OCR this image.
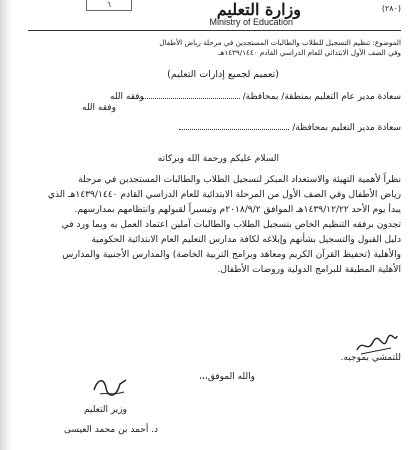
وزارة التعليم
Ministry of Education
٦	(٢٨٠)
الموضوع: تنظيم التسجيل للطلاب والطالبات المستجدين في مرحلة رياض الأطفال
وفي الصف الأول الابتدائي للعام الدراسي القادم ١٤٣٩/١٤٤٠هـ
(تعميم لجميع إدارات التعليم)
سعادة مدير عام التعليم بمنطقة/ بمحافظة/
وفقه الله
سعادة مدير التعليم بمحافظة/
وفقه الله
السلام عليكم ورحمة الله وبركاته
نظراً لأهمية التهيئة والاستعداد المبكر لتسجيل الطلاب والطالبات المستجدين في مرحلة
رياض الأطفال وفي الصف الأول من المرحلة الابتدائية للعام الدراسي القادم ١٤٣٩/١٤٤٠هـ الذي
يبدأ يوم الأحد ١٤٣٩/١٢/٢٢هـ الموافق ٢٠١٨/٩/٢م وتيسيراً لقبولهم وانتظامهم بمدارسهم.
تجدون برفقه التنظيم الخاص بتسجيل الطلاب والطالبات آملين اعتماد العمل به وبما ورد في
دليل القبول والتسجيل بشأنهم وإبلاغه لكافة مدارس التعليم العام الابتدائية الحكومية
والأهلية (تحفيظ القرآن الكريم ومعاهد وبرامج التربية الخاصة) والمدارس الأجنبية والمدارس
الأهلية المطبقة للبرامج الدولية وروضات الأطفال.
للتمشي بموجبه.
والله الموفق،،،
وزير التعليم
د. أحمد بن محمد العيسى
